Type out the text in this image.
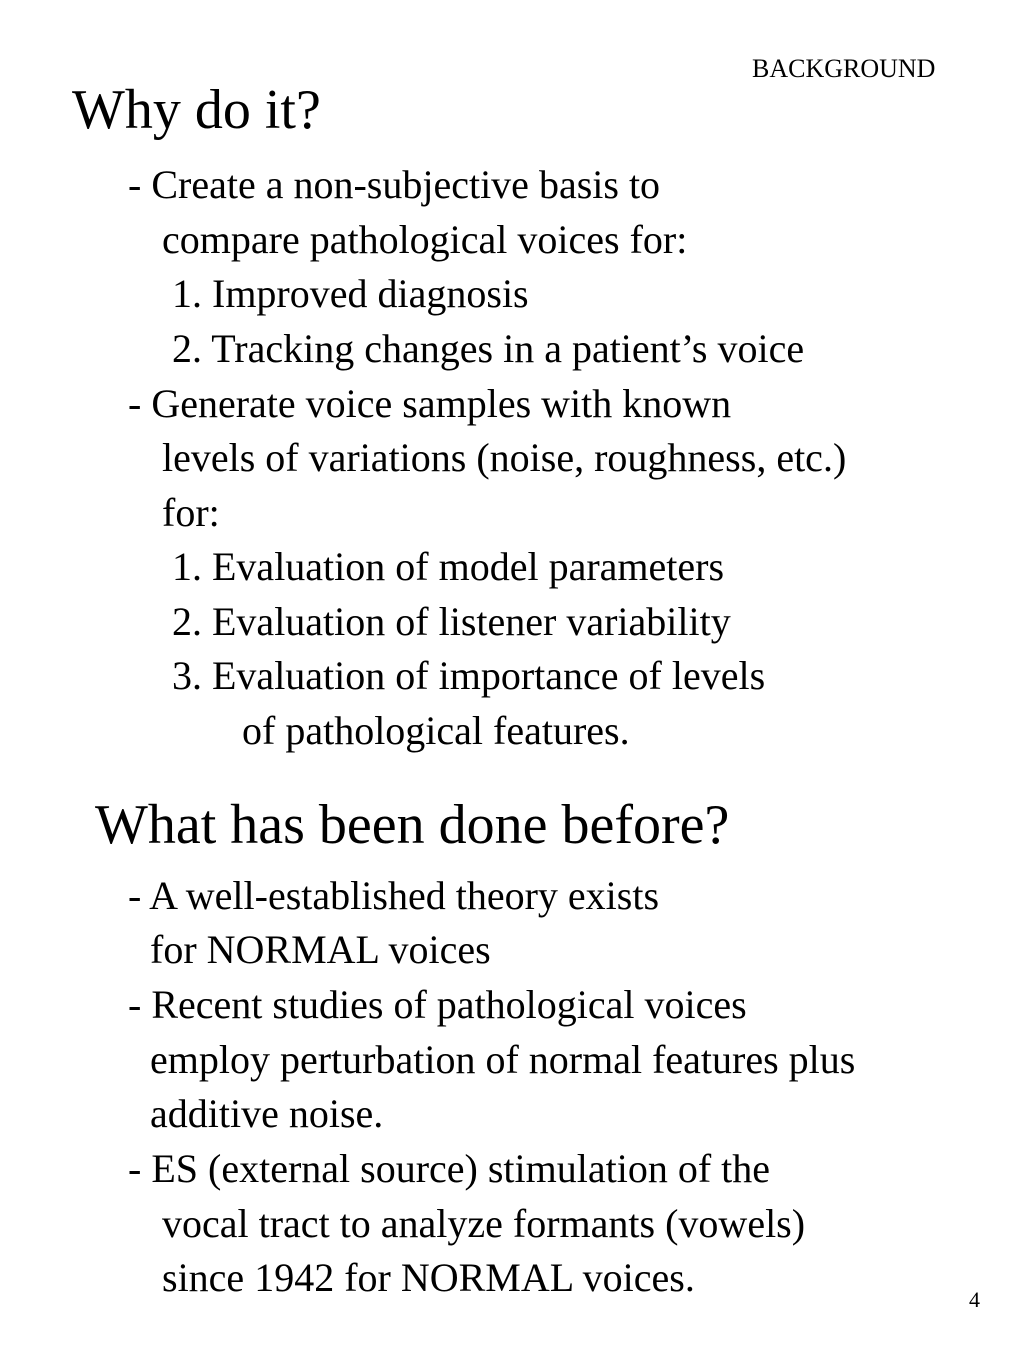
BACKGROUND
Why do it?
- Create a non-subjective basis to
compare pathological voices for:
1. Improved diagnosis
2. Tracking changes in a patient’s voice
- Generate voice samples with known
levels of variations (noise, roughness, etc.)
for:
1. Evaluation of model parameters
2. Evaluation of listener variability
3. Evaluation of importance of levels
of pathological features.
What has been done before?
- A well-established theory exists
for NORMAL voices
- Recent studies of pathological voices
employ perturbation of normal features plus
additive noise.
- ES (external source) stimulation of the
vocal tract to analyze formants (vowels)
since 1942 for NORMAL voices.	4
